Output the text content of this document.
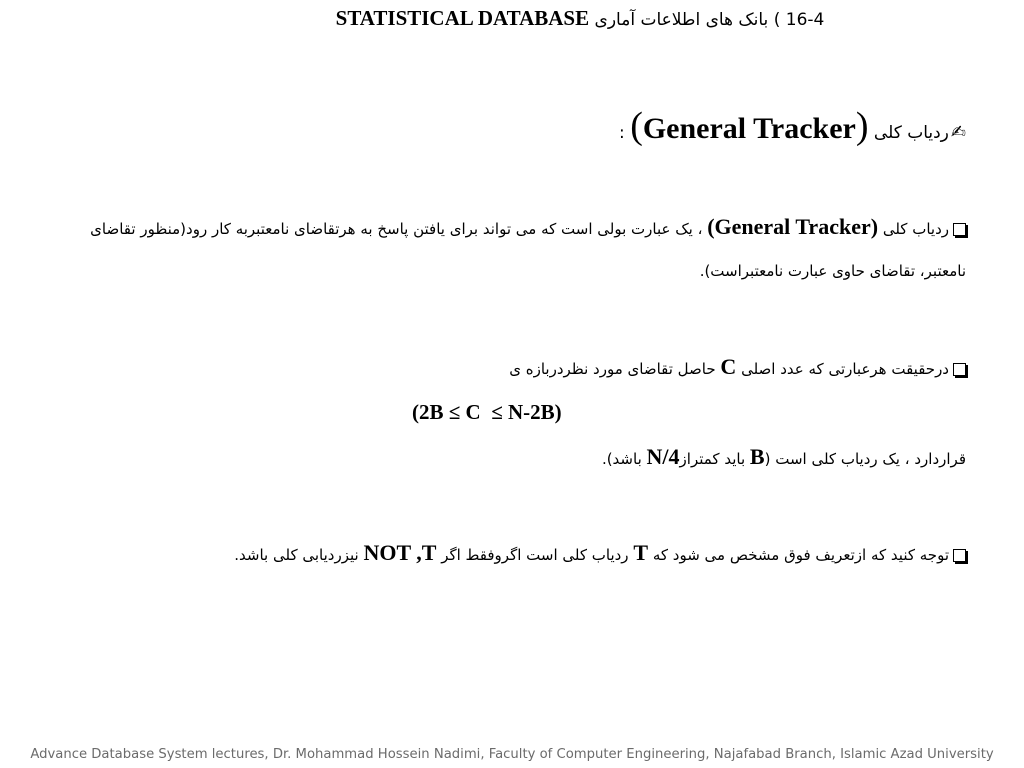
STATISTICAL DATABASE بانک های اطلاعات آماری 16-4 )
✍ردیاب کلی (General Tracker) :
ردیاب کلی (General Tracker) ، یک عبارت بولی است که می تواند برای یافتن پاسخ به هرتقاضای نامعتبربه کار رود(منظور تقاضای نامعتبر، تقاضای حاوی عبارت نامعتبراست).
درحقیقت هرعبارتی که عدد اصلی C حاصل تقاضای مورد نظردربازه ی
(2B ≤ C  ≤ N-2B)
قراردارد ، یک ردیاب کلی است (B باید کمترازN/4 باشد).
توجه کنید که ازتعریف فوق مشخص می شود که T ردیاب کلی است اگروفقط اگر NOT ,T نیزردیابی کلی باشد.
Advance Database System lectures, Dr. Mohammad Hossein Nadimi, Faculty of Computer Engineering, Najafabad Branch, Islamic Azad University
